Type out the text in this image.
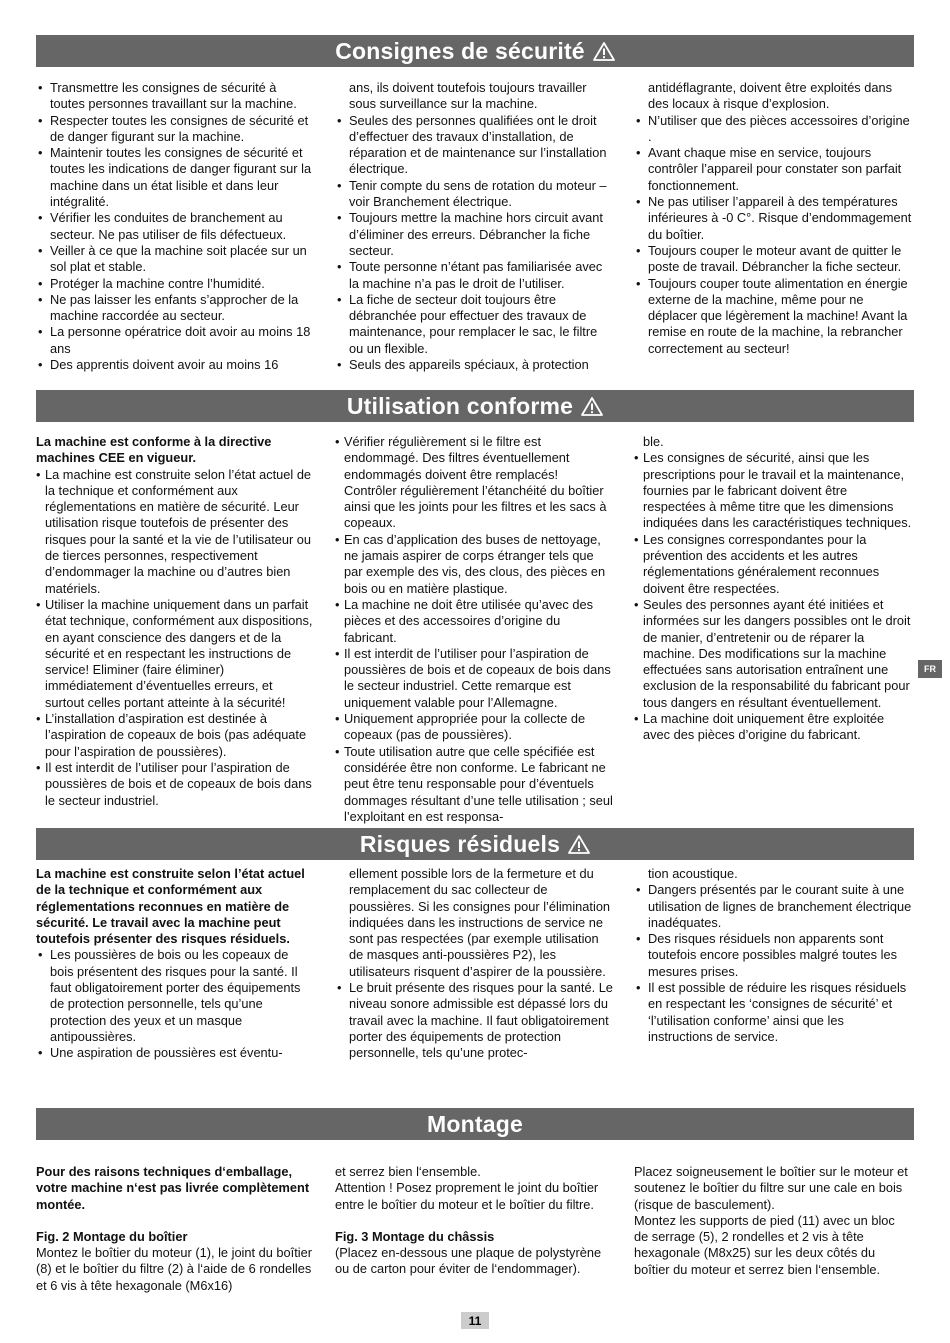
Consignes de sécurité
• Transmettre les consignes de sécurité à toutes personnes travaillant sur la machine.
• Respecter toutes les consignes de sécurité et de danger figurant sur la machine.
• Maintenir toutes les consignes de sécurité et toutes les indications de danger figurant sur la machine dans un état lisible et dans leur intégralité.
• Vérifier les conduites de branchement au secteur. Ne pas utiliser de fils défectueux.
• Veiller à ce que la machine soit placée sur un sol plat et stable.
• Protéger la machine contre l’humidité.
• Ne pas laisser les enfants s’approcher de la machine raccordée au secteur.
• La personne opératrice doit avoir au moins 18 ans
• Des apprentis doivent avoir au moins 16

ans, ils doivent toutefois toujours travailler sous surveillance sur la machine.

• Seules des personnes qualifiées ont le droit d’effectuer des travaux d’installation, de réparation et de maintenance sur l’installation électrique.
• Tenir compte du sens de rotation du moteur – voir Branchement électrique.
• Toujours mettre la machine hors circuit avant d’éliminer des erreurs. Débrancher la fiche secteur.
• Toute personne n’étant pas familiarisée avec la machine n’a pas le droit de l’utiliser.
• La fiche de secteur doit toujours être débranchée pour effectuer des travaux de maintenance, pour remplacer le sac, le filtre ou un flexible.
• Seuls des appareils spéciaux, à protection

antidéflagrante, doivent être exploités dans des locaux à risque d’explosion.

• N’utiliser que des pièces accessoires d’origine .
• Avant chaque mise en service, toujours contrôler l’appareil pour constater son parfait fonctionnement.
• Ne pas utiliser l’appareil à des températures inférieures à -0 C°. Risque d’endommagement du boîtier.
• Toujours couper le moteur avant de quitter le poste de travail. Débrancher la fiche secteur.
• Toujours couper toute alimentation en énergie externe de la machine, même pour ne déplacer que légèrement la machine! Avant la remise en route de la machine, la rebrancher correctement au secteur!
Utilisation conforme

La machine est conforme à la directive machines CEE en vigueur.

• La machine est construite selon l’état actuel de la technique et conformément aux réglementations en matière de sécurité. Leur utilisation risque toutefois de présenter des risques pour la santé et la vie de l’utilisateur ou de tierces personnes, respectivement d’endommager la machine ou d’autres bien matériels.
• Utiliser la machine uniquement dans un parfait état technique, conformément aux dispositions, en ayant conscience des dangers et de la sécurité et en respectant les instructions de service! Eliminer (faire éliminer) immédiatement d’éventuelles erreurs, et surtout celles portant atteinte à la sécurité!
• L’installation d’aspiration est destinée à l’aspiration de copeaux de bois (pas adéquate pour l’aspiration de poussières).
• Il est interdit de l’utiliser pour l’aspiration de poussières de bois et de copeaux de bois dans le secteur industriel.
• Vérifier régulièrement si le filtre est endommagé. Des filtres éventuellement endommagés doivent être remplacés! Contrôler régulièrement l’étanchéité du boîtier ainsi que les joints pour les filtres et les sacs à copeaux.
• En cas d’application des buses de nettoyage, ne jamais aspirer de corps étranger tels que par exemple des vis, des clous, des pièces en bois ou en matière plastique.
• La machine ne doit être utilisée qu’avec des pièces et des accessoires d’origine du fabricant.
• Il est interdit de l’utiliser pour l’aspiration de poussières de bois et de copeaux de bois dans le secteur industriel. Cette remarque est uniquement valable pour l’Allemagne.
• Uniquement appropriée pour la collecte de copeaux (pas de poussières).
• Toute utilisation autre que celle spécifiée est considérée être non conforme. Le fabricant ne peut être tenu responsable pour d’éventuels dommages résultant d’une telle utilisation ; seul l’exploitant en est responsa-

ble.

• Les consignes de sécurité, ainsi que les prescriptions pour le travail et la maintenance, fournies par le fabricant doivent être respectées à même titre que les dimensions indiquées dans les caractéristiques techniques.
• Les consignes correspondantes pour la prévention des accidents et les autres réglementations généralement reconnues doivent être respectées.
• Seules des personnes ayant été initiées et informées sur les dangers possibles ont le droit de manier, d’entretenir ou de réparer la machine. Des modifications sur la machine effectuées sans autorisation entraînent une exclusion de la responsabilité du fabricant pour tous dangers en résultant éventuellement.
• La machine doit uniquement être exploitée avec des pièces d’origine du fabricant.
Risques résiduels

La machine est construite selon l’état actuel de la technique et conformément aux réglementations reconnues en matière de sécurité. Le travail avec la machine peut toutefois présenter des risques résiduels.

• Les poussières de bois ou les copeaux de bois présentent des risques pour la santé. Il faut obligatoirement porter des équipements de protection personnelle, tels qu’une protection des yeux et un masque antipoussières.
• Une aspiration de poussières est éventu-

ellement possible lors de la fermeture et du remplacement du sac collecteur de poussières. Si les consignes pour l’élimination indiquées dans les instructions de service ne sont pas respectées (par exemple utilisation de masques anti-poussières P2), les utilisateurs risquent d’aspirer de la poussière.

• Le bruit présente des risques pour la santé. Le niveau sonore admissible est dépassé lors du travail avec la machine. Il faut obligatoirement porter des équipements de protection personnelle, tels qu’une protec-

tion acoustique.

• Dangers présentés par le courant suite à une utilisation de lignes de branchement électrique inadéquates.
• Des risques résiduels non apparents sont toutefois encore possibles malgré toutes les mesures prises.
• Il est possible de réduire les risques résiduels en respectant les ‘consignes de sécurité’ et ‘l’utilisation conforme’ ainsi que les instructions de service.
Montage

Pour des raisons techniques d‘emballage, votre machine n‘est pas livrée complètement montée.

Fig. 2 Montage du boîtier

Montez le boîtier du moteur (1), le joint du boîtier (8) et le boîtier du filtre (2) à l‘aide de 6 rondelles et 6 vis à tête hexagonale (M6x16)

et serrez bien l‘ensemble.

Attention ! Posez proprement le joint du boîtier entre le boîtier du moteur et le boîtier du filtre.

Fig. 3 Montage du châssis

(Placez en-dessous une plaque de polystyrène ou de carton pour éviter de l‘endommager).

Placez soigneusement le boîtier sur le moteur et soutenez le boîtier du filtre sur une cale en bois (risque de basculement).

Montez les supports de pied (11) avec un bloc de serrage (5), 2 rondelles et 2 vis à tête hexagonale (M8x25) sur les deux côtés du boîtier du moteur et serrez bien l‘ensemble.

FR
11
